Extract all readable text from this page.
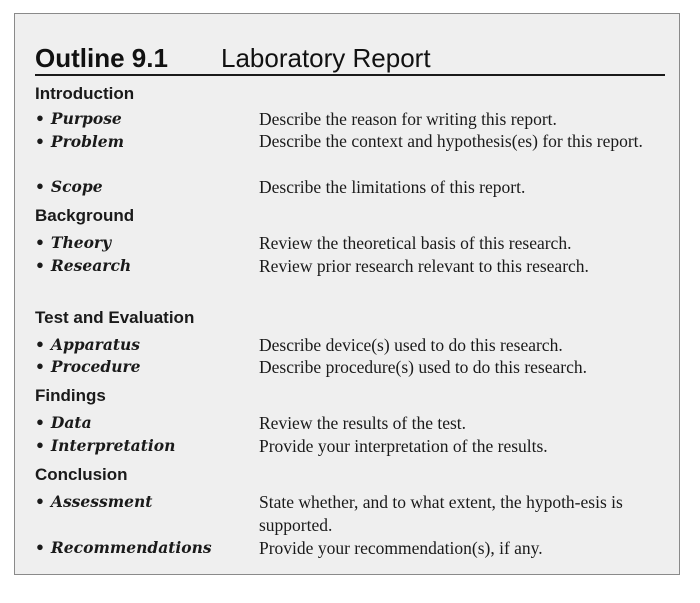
Outline 9.1 Laboratory Report
Introduction
• Purpose	Describe the reason for writing this report.
• Problem	Describe the context and hypothesis(es) for this report.
• Scope	Describe the limitations of this report.
Background
• Theory	Review the theoretical basis of this research.
• Research	Review prior research relevant to this research.
Test and Evaluation
• Apparatus	Describe device(s) used to do this research.
• Procedure	Describe procedure(s) used to do this research.
Findings
• Data	Review the results of the test.
• Interpretation	Provide your interpretation of the results.
Conclusion
• Assessment	State whether, and to what extent, the hypoth-esis is supported.
• Recommendations	Provide your recommendation(s), if any.
